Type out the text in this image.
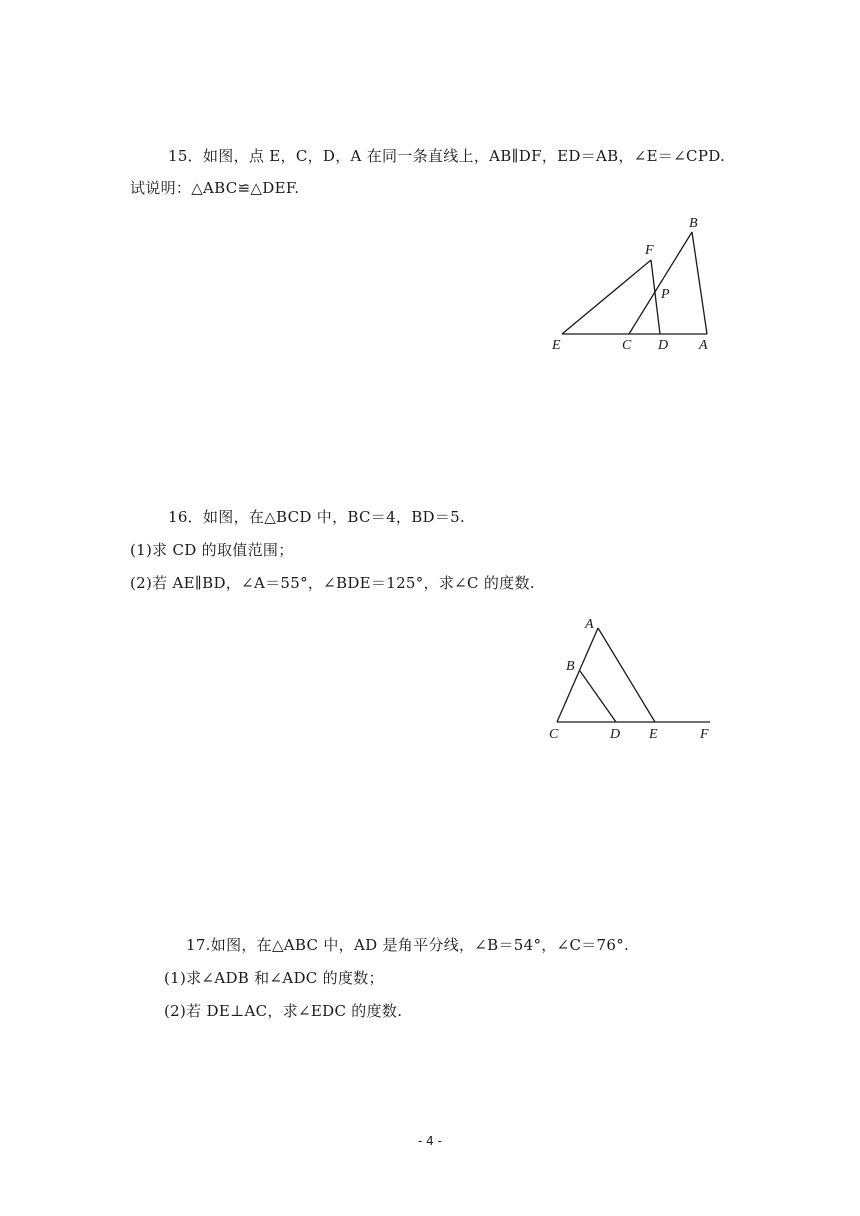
15．如图，点 E，C，D，A 在同一条直线上，AB∥DF，ED＝AB，∠E＝∠CPD.
试说明：△ABC≌△DEF.
E	C D A
F
B
P
16．如图，在△BCD 中，BC＝4，BD＝5.
(1)求 CD 的取值范围；
(2)若 AE∥BD，∠A＝55°，∠BDE＝125°，求∠C 的度数.
A
B
C	D E	F
17.如图，在△ABC 中，AD 是角平分线，∠B＝54°，∠C＝76°.
(1)求∠ADB 和∠ADC 的度数；
(2)若 DE⊥AC，求∠EDC 的度数.
- 4 -
